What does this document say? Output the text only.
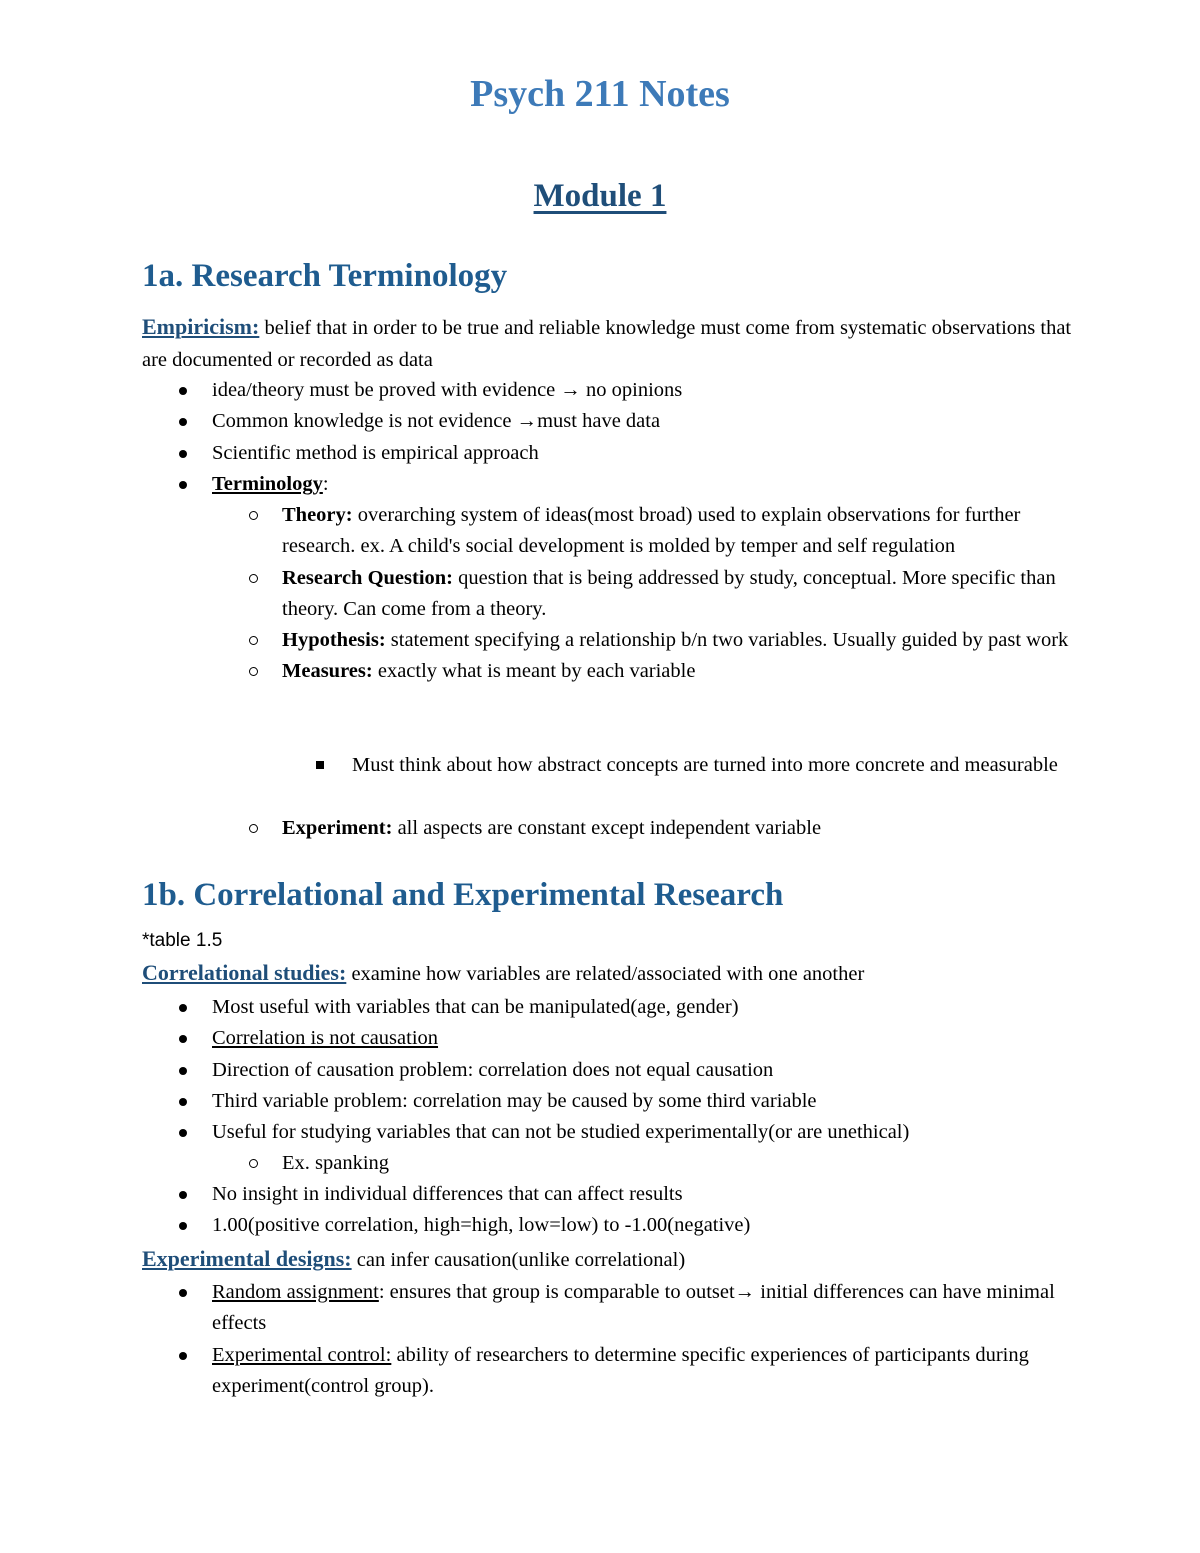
Psych 211 Notes
Module 1
1a. Research Terminology

Empiricism: belief that in order to be true and reliable knowledge must come from systematic observations that are documented or recorded as data

idea/theory must be proved with evidence → no opinions
Common knowledge is not evidence →must have data
Scientific method is empirical approach
Terminology:
Theory: overarching system of ideas(most broad) used to explain observations for further research. ex. A child's social development is molded by temper and self regulation
Research Question: question that is being addressed by study, conceptual. More specific than theory. Can come from a theory.
Hypothesis: statement specifying a relationship b/n two variables. Usually guided by past work
Measures: exactly what is meant by each variable
Must think about how abstract concepts are turned into more concrete and measurable
Experiment: all aspects are constant except independent variable
1b. Correlational and Experimental Research

*table 1.5

Correlational studies: examine how variables are related/associated with one another

Most useful with variables that can be manipulated(age, gender)
Correlation is not causation
Direction of causation problem: correlation does not equal causation
Third variable problem: correlation may be caused by some third variable
Useful for studying variables that can not be studied experimentally(or are unethical)
Ex. spanking
No insight in individual differences that can affect results
1.00(positive correlation, high=high, low=low) to -1.00(negative)

Experimental designs: can infer causation(unlike correlational)

Random assignment: ensures that group is comparable to outset→ initial differences can have minimal effects
Experimental control: ability of researchers to determine specific experiences of participants during experiment(control group).
